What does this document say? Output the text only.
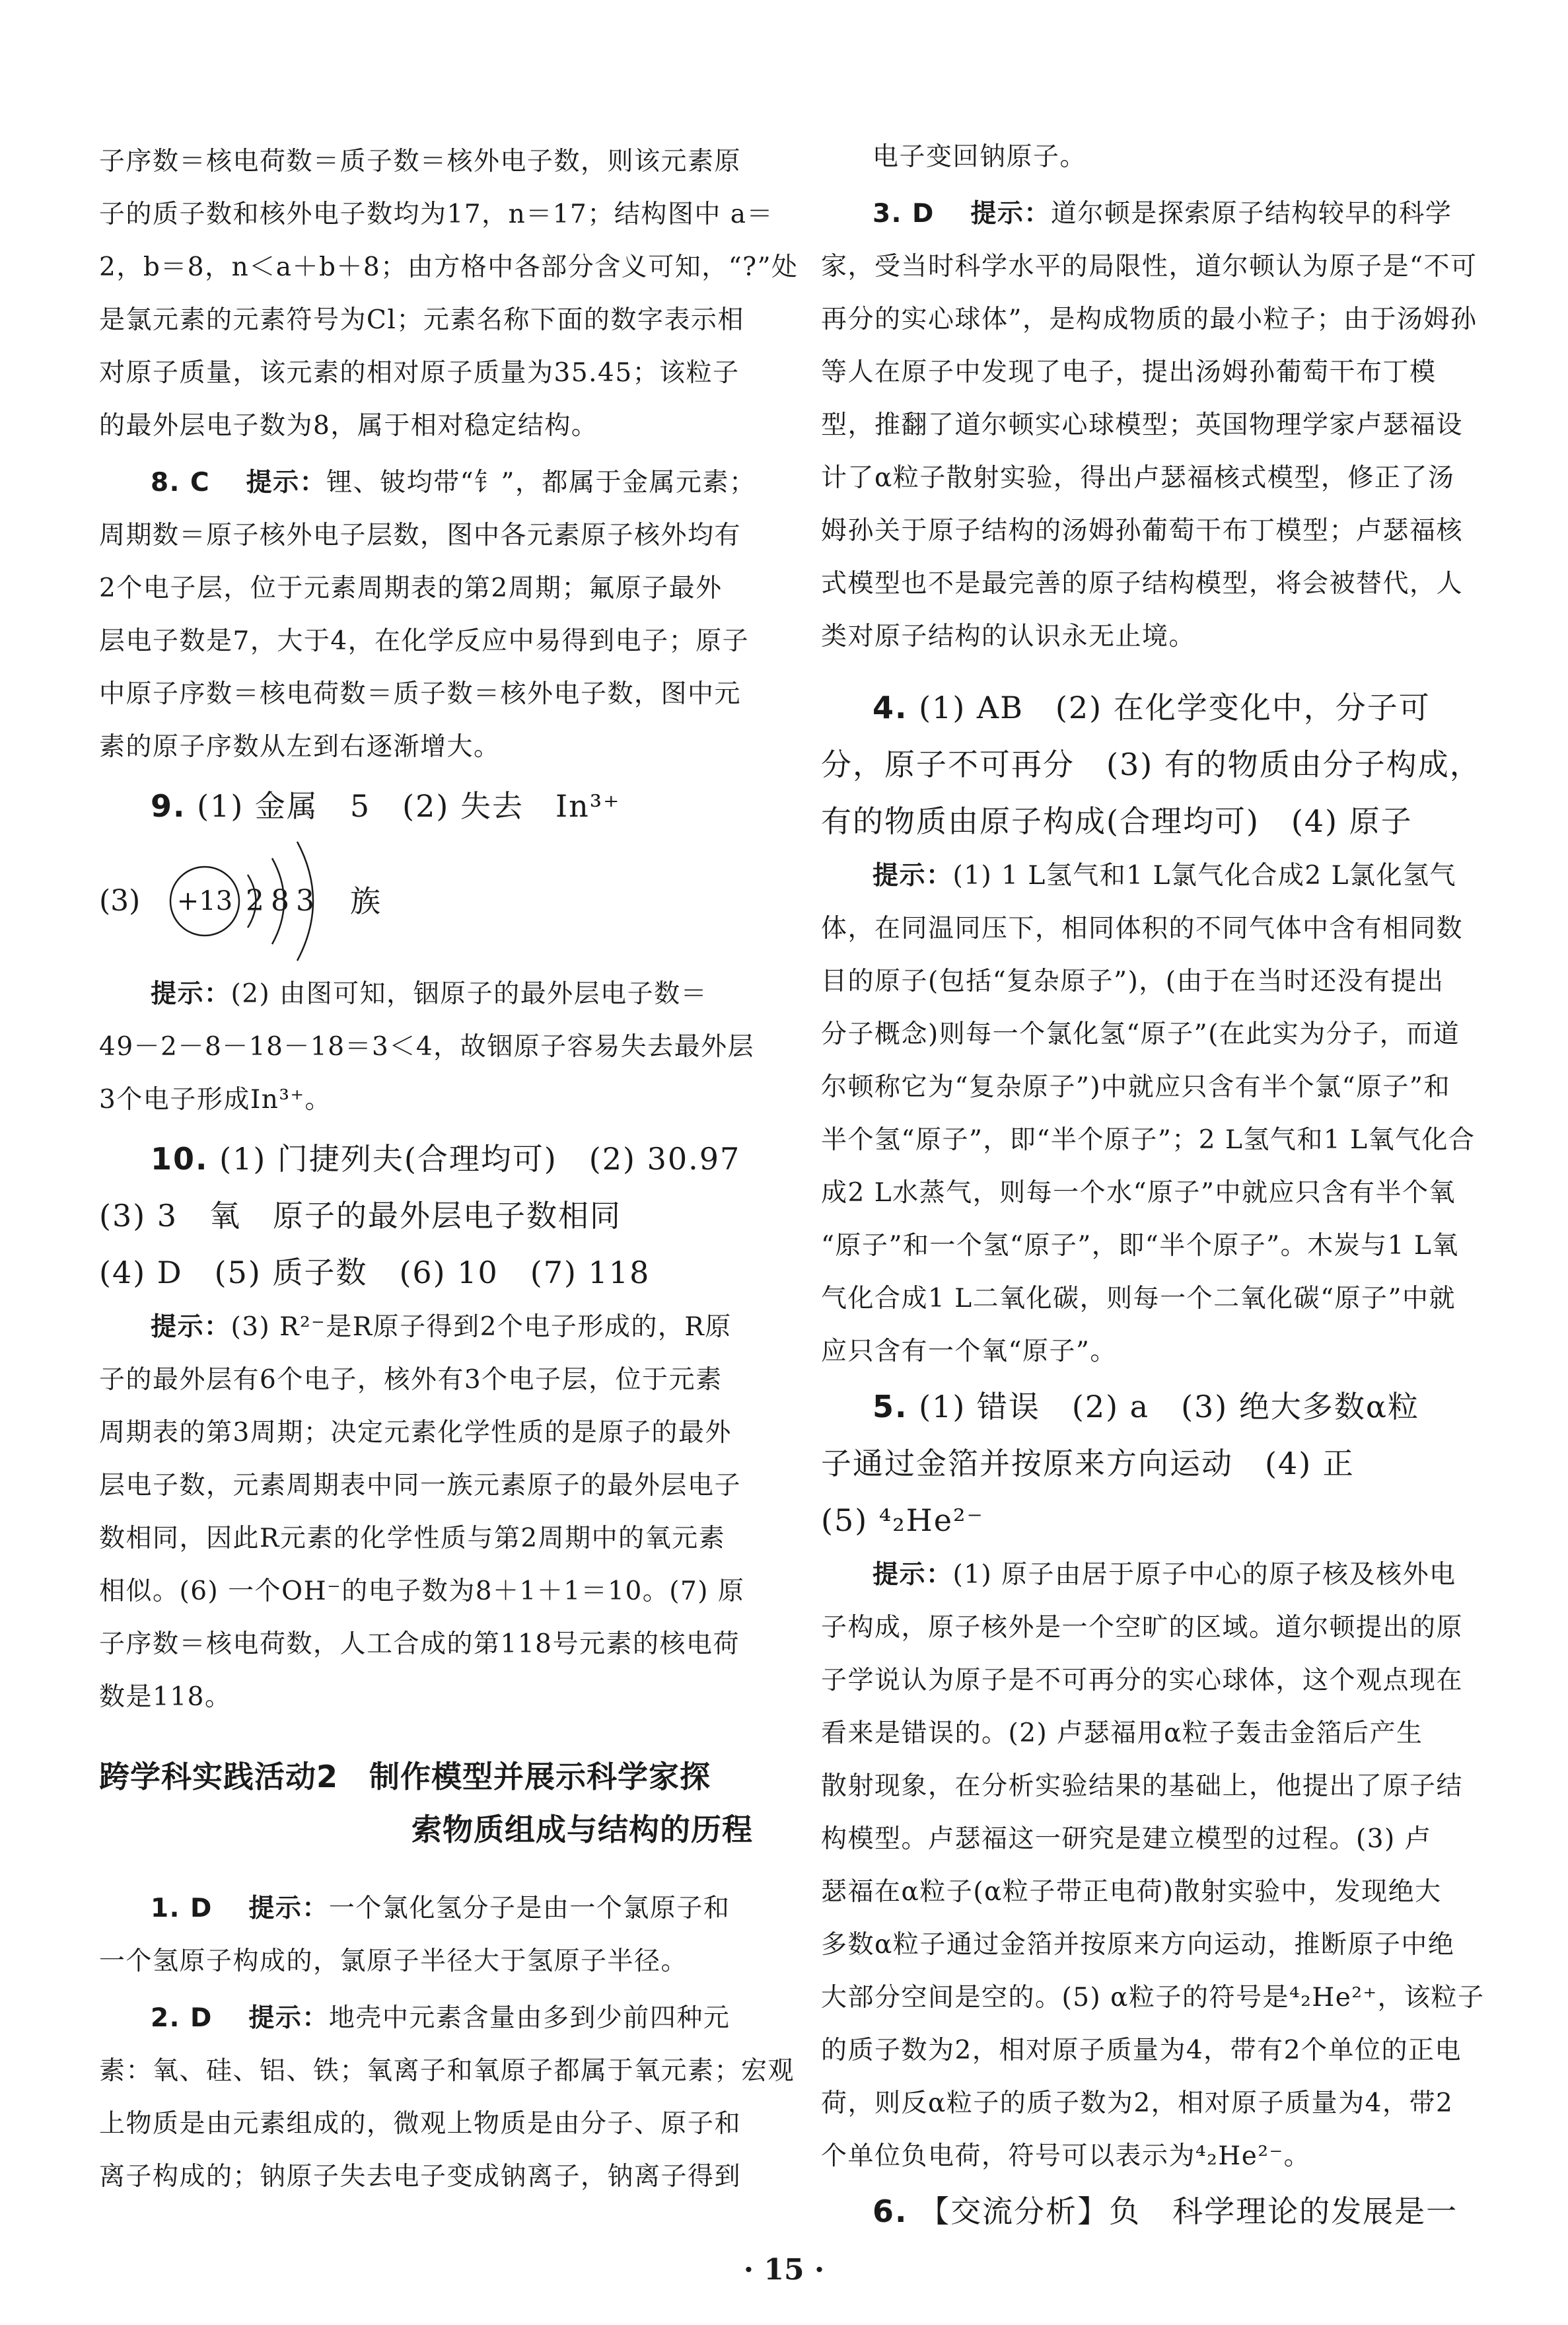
子序数＝核电荷数＝质子数＝核外电子数，则该元素原
子的质子数和核外电子数均为17，n＝17；结构图中 a＝
2，b＝8，n＜a＋b＋8；由方格中各部分含义可知，“?”处
是氯元素的元素符号为Cl；元素名称下面的数字表示相
对原子质量，该元素的相对原子质量为35.45；该粒子
的最外层电子数为8，属于相对稳定结构。
8. C   提示：锂、铍均带“钅”，都属于金属元素；
周期数＝原子核外电子层数，图中各元素原子核外均有
2个电子层，位于元素周期表的第2周期；氟原子最外
层电子数是7，大于4，在化学反应中易得到电子；原子
中原子序数＝核电荷数＝质子数＝核外电子数，图中元
素的原子序数从左到右逐渐增大。
9. (1) 金属　5　(2) 失去　In³⁺
(3)	2 8 3 族
+13
提示：(2) 由图可知，铟原子的最外层电子数＝
49－2－8－18－18＝3＜4，故铟原子容易失去最外层
3个电子形成In³⁺。
10. (1) 门捷列夫(合理均可)　(2) 30.97
(3) 3　氧　原子的最外层电子数相同
(4) D　(5) 质子数　(6) 10　(7) 118
提示：(3) R²⁻是R原子得到2个电子形成的，R原
子的最外层有6个电子，核外有3个电子层，位于元素
周期表的第3周期；决定元素化学性质的是原子的最外
层电子数，元素周期表中同一族元素原子的最外层电子
数相同，因此R元素的化学性质与第2周期中的氧元素
相似。(6) 一个OH⁻的电子数为8＋1＋1＝10。(7) 原
子序数＝核电荷数，人工合成的第118号元素的核电荷
数是118。
跨学科实践活动2　制作模型并展示科学家探
索物质组成与结构的历程
1. D   提示：一个氯化氢分子是由一个氯原子和
一个氢原子构成的，氯原子半径大于氢原子半径。
2. D   提示：地壳中元素含量由多到少前四种元
素：氧、硅、铝、铁；氧离子和氧原子都属于氧元素；宏观
上物质是由元素组成的，微观上物质是由分子、原子和
离子构成的；钠原子失去电子变成钠离子，钠离子得到
电子变回钠原子。
3. D   提示：道尔顿是探索原子结构较早的科学
家，受当时科学水平的局限性，道尔顿认为原子是“不可
再分的实心球体”，是构成物质的最小粒子；由于汤姆孙
等人在原子中发现了电子，提出汤姆孙葡萄干布丁模
型，推翻了道尔顿实心球模型；英国物理学家卢瑟福设
计了α粒子散射实验，得出卢瑟福核式模型，修正了汤
姆孙关于原子结构的汤姆孙葡萄干布丁模型；卢瑟福核
式模型也不是最完善的原子结构模型，将会被替代，人
类对原子结构的认识永无止境。
4. (1) AB　(2) 在化学变化中，分子可
分，原子不可再分　(3) 有的物质由分子构成，
有的物质由原子构成(合理均可)　(4) 原子
提示：(1) 1 L氢气和1 L氯气化合成2 L氯化氢气
体，在同温同压下，相同体积的不同气体中含有相同数
目的原子(包括“复杂原子”)，(由于在当时还没有提出
分子概念)则每一个氯化氢“原子”(在此实为分子，而道
尔顿称它为“复杂原子”)中就应只含有半个氯“原子”和
半个氢“原子”，即“半个原子”；2 L氢气和1 L氧气化合
成2 L水蒸气，则每一个水“原子”中就应只含有半个氧
“原子”和一个氢“原子”，即“半个原子”。木炭与1 L氧
气化合成1 L二氧化碳，则每一个二氧化碳“原子”中就
应只含有一个氧“原子”。
5. (1) 错误　(2) a　(3) 绝大多数α粒
子通过金箔并按原来方向运动　(4) 正
(5) ⁴₂He²⁻
提示：(1) 原子由居于原子中心的原子核及核外电
子构成，原子核外是一个空旷的区域。道尔顿提出的原
子学说认为原子是不可再分的实心球体，这个观点现在
看来是错误的。(2) 卢瑟福用α粒子轰击金箔后产生
散射现象，在分析实验结果的基础上，他提出了原子结
构模型。卢瑟福这一研究是建立模型的过程。(3) 卢
瑟福在α粒子(α粒子带正电荷)散射实验中，发现绝大
多数α粒子通过金箔并按原来方向运动，推断原子中绝
大部分空间是空的。(5) α粒子的符号是⁴₂He²⁺，该粒子
的质子数为2，相对原子质量为4，带有2个单位的正电
荷，则反α粒子的质子数为2，相对原子质量为4，带2
个单位负电荷，符号可以表示为⁴₂He²⁻。
6. 【交流分析】负　科学理论的发展是一
· 15 ·
